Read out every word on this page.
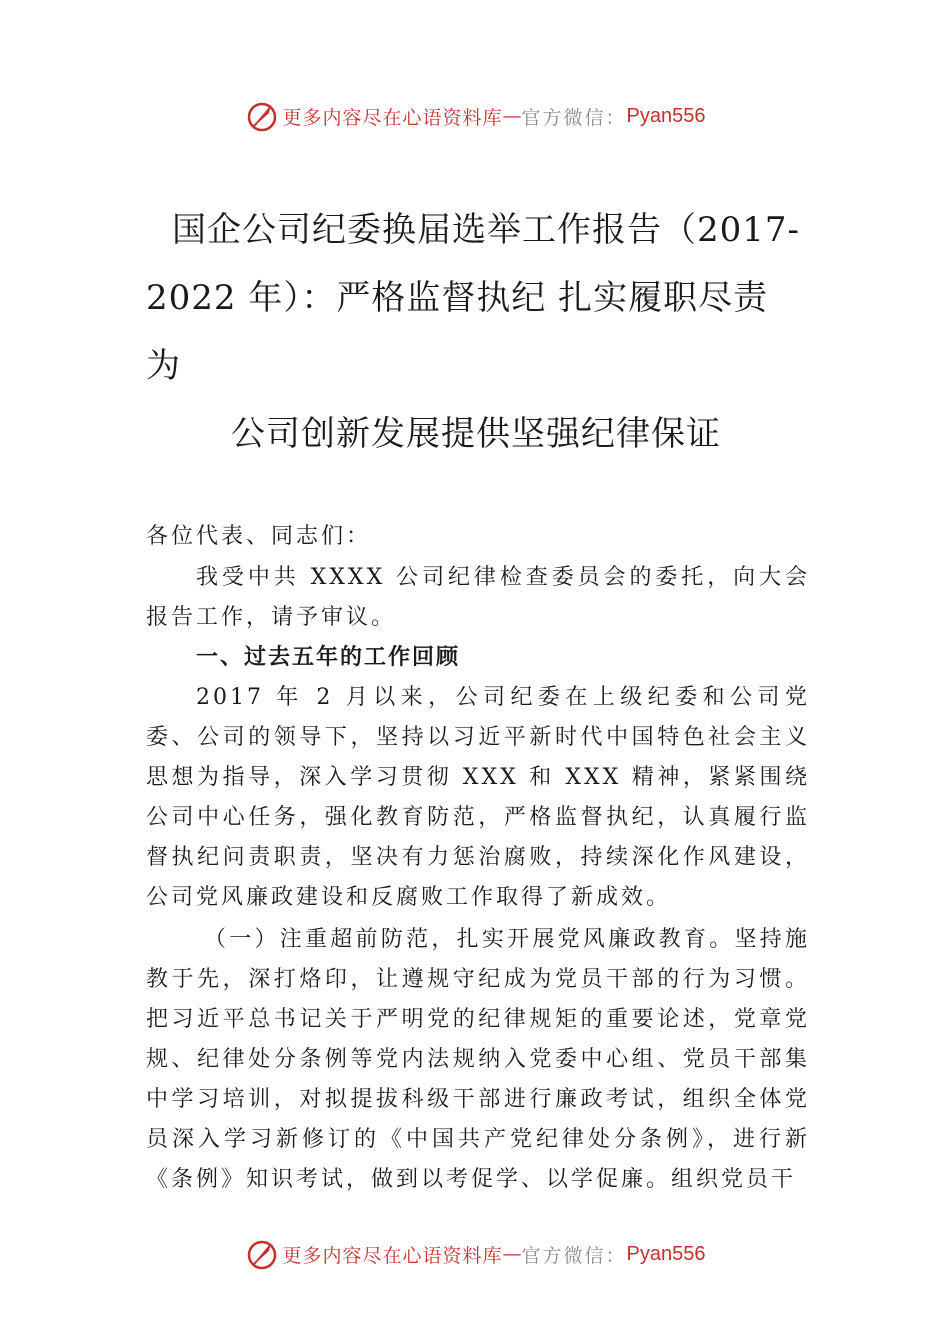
更多内容尽在心语资料库 — 官方微信： Pyan556
国企公司纪委换届选举工作报告（2017-
2022 年）：严格监督执纪 扎实履职尽责
为
公司创新发展提供坚强纪律保证
各位代表、同志们：
我受中共 XXXX 公司纪律检查委员会的委托，向大会报告工作，请予审议。
一、过去五年的工作回顾
2017 年 2 月以来，公司纪委在上级纪委和公司党委、公司的领导下，坚持以习近平新时代中国特色社会主义思想为指导，深入学习贯彻 XXX 和 XXX 精神，紧紧围绕公司中心任务，强化教育防范，严格监督执纪，认真履行监督执纪问责职责，坚决有力惩治腐败，持续深化作风建设，公司党风廉政建设和反腐败工作取得了新成效。
（一）注重超前防范，扎实开展党风廉政教育。坚持施教于先，深打烙印，让遵规守纪成为党员干部的行为习惯。 把习近平总书记关于严明党的纪律规矩的重要论述，党章党规、纪律处分条例等党内法规纳入党委中心组、党员干部集中学习培训，对拟提拔科级干部进行廉政考试，组织全体党员深入学习新修订的《中国共产党纪律处分条例》，进行新《条例》知识考试，做到以考促学、以学促廉。组织党员干
更多内容尽在心语资料库 — 官方微信： Pyan556
